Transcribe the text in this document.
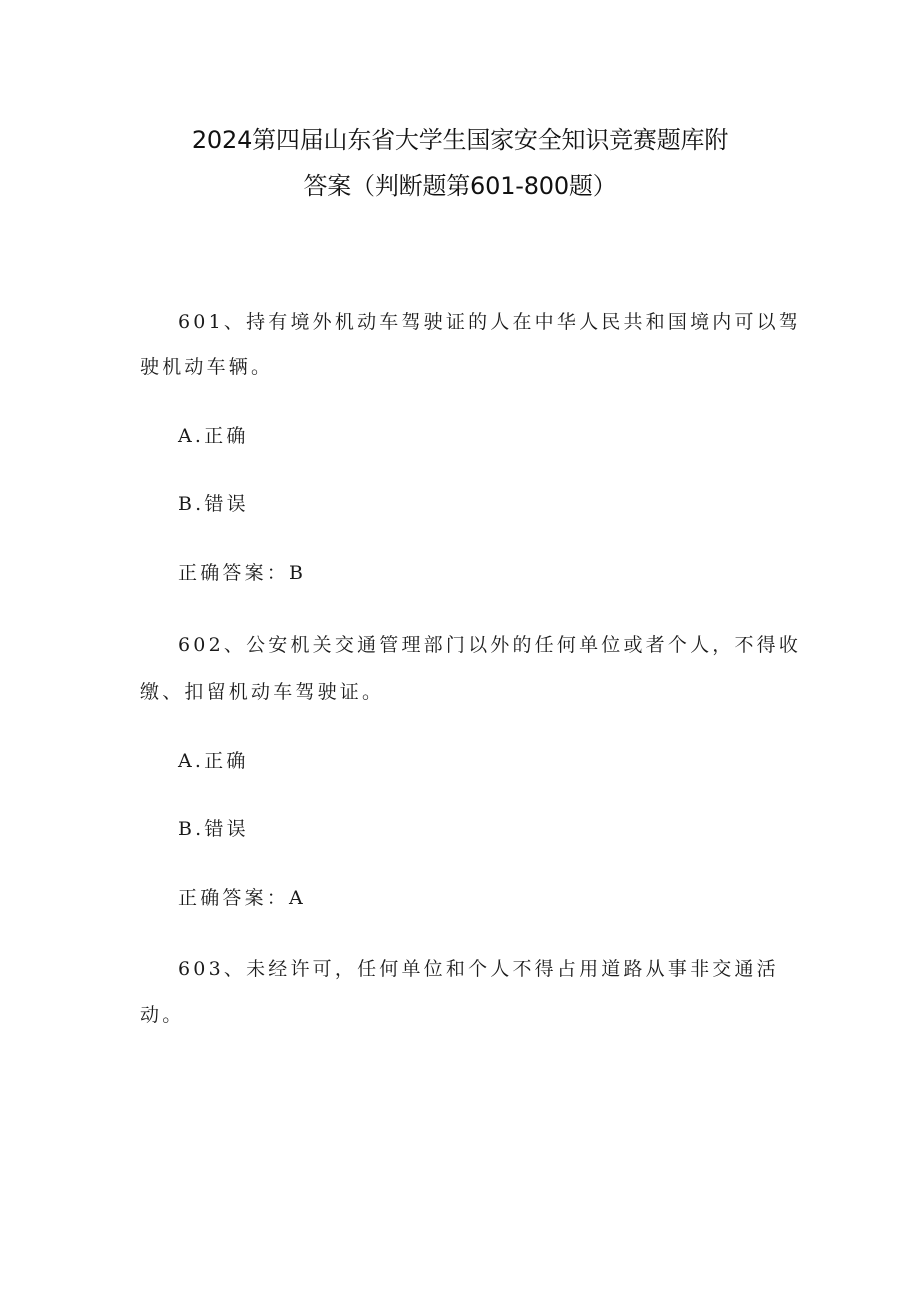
2024第四届山东省大学生国家安全知识竞赛题库附
答案（判断题第601-800题）

601、持有境外机动车驾驶证的人在中华人民共和国境内可以驾

驶机动车辆。

A.正确

B.错误

正确答案：B

602、公安机关交通管理部门以外的任何单位或者个人，不得收

缴、扣留机动车驾驶证。

A.正确

B.错误

正确答案：A

603、未经许可，任何单位和个人不得占用道路从事非交通活

动。
